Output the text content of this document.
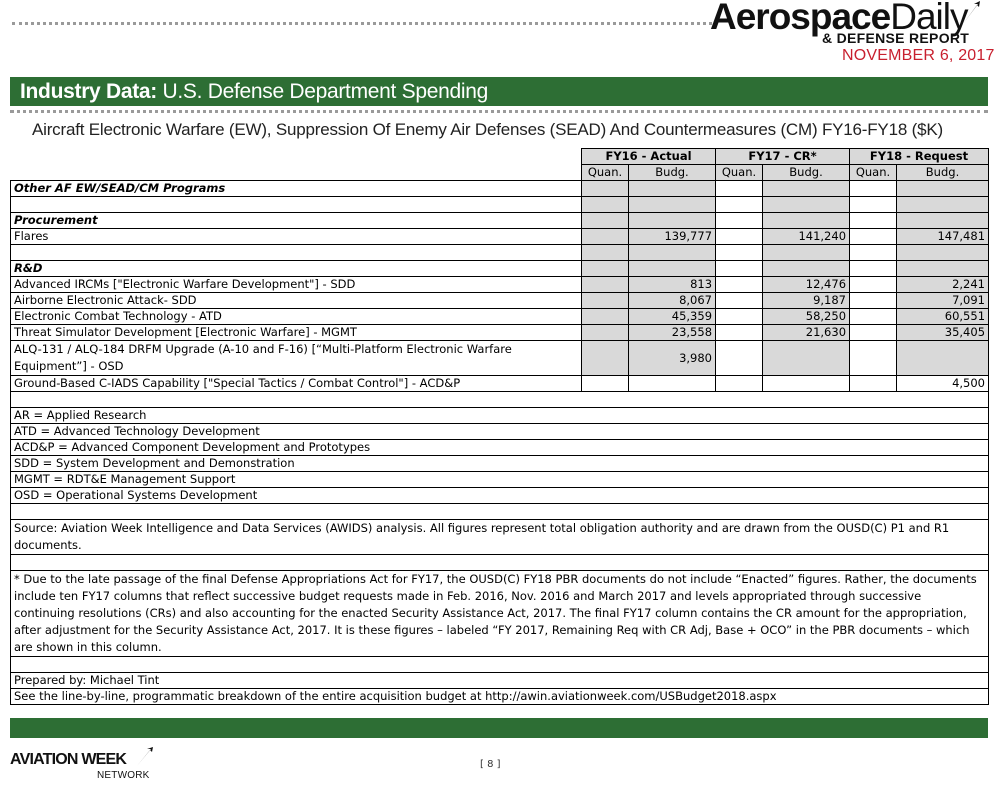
AerospaceDaily
& DEFENSE REPORT
NOVEMBER 6, 2017
Industry Data: U.S. Defense Department Spending
Aircraft Electronic Warfare (EW), Suppression Of Enemy Air Defenses (SEAD) And Countermeasures (CM) FY16-FY18 ($K)
	FY16 - Actual		FY17 - CR*		FY18 - Request	
	Quan.	Budg.	Quan.	Budg.	Quan.	Budg.
Other AF EW/SEAD/CM Programs						

Procurement						
Flares		139,777		141,240		147,481

R&D						
Advanced IRCMs ["Electronic Warfare Development"] - SDD		813		12,476		2,241
Airborne Electronic Attack- SDD		8,067		9,187		7,091
Electronic Combat Technology - ATD		45,359		58,250		60,551
Threat Simulator Development [Electronic Warfare] - MGMT		23,558		21,630		35,405
ALQ-131 / ALQ-184 DRFM Upgrade (A-10 and F-16) [“Multi-Platform Electronic Warfare Equipment”] - OSD		3,980				
Ground-Based C-IADS Capability ["Special Tactics / Combat Control"] - ACD&P						4,500

AR = Applied Research						
ATD = Advanced Technology Development						
ACD&P = Advanced Component Development and Prototypes						
SDD = System Development and Demonstration						
MGMT = RDT&E Management Support						
OSD = Operational Systems Development						

Source: Aviation Week Intelligence and Data Services (AWIDS) analysis. All figures represent total obligation authority and are drawn from the OUSD(C) P1 and R1 documents.						

* Due to the late passage of the final Defense Appropriations Act for FY17, the OUSD(C) FY18 PBR documents do not include “Enacted” figures. Rather, the documents include ten FY17 columns that reflect successive budget requests made in Feb. 2016, Nov. 2016 and March 2017 and levels appropriated through successive continuing resolutions (CRs) and also accounting for the enacted Security Assistance Act, 2017. The final FY17 column contains the CR amount for the appropriation, after adjustment for the Security Assistance Act, 2017. It is these figures – labeled “FY 2017, Remaining Req with CR Adj, Base + OCO” in the PBR documents – which are shown in this column.						

Prepared by: Michael Tint						
See the line-by-line, programmatic breakdown of the entire acquisition budget at http://awin.aviationweek.com/USBudget2018.aspx						
AVIATION WEEK
NETWORK
[ 8 ]
